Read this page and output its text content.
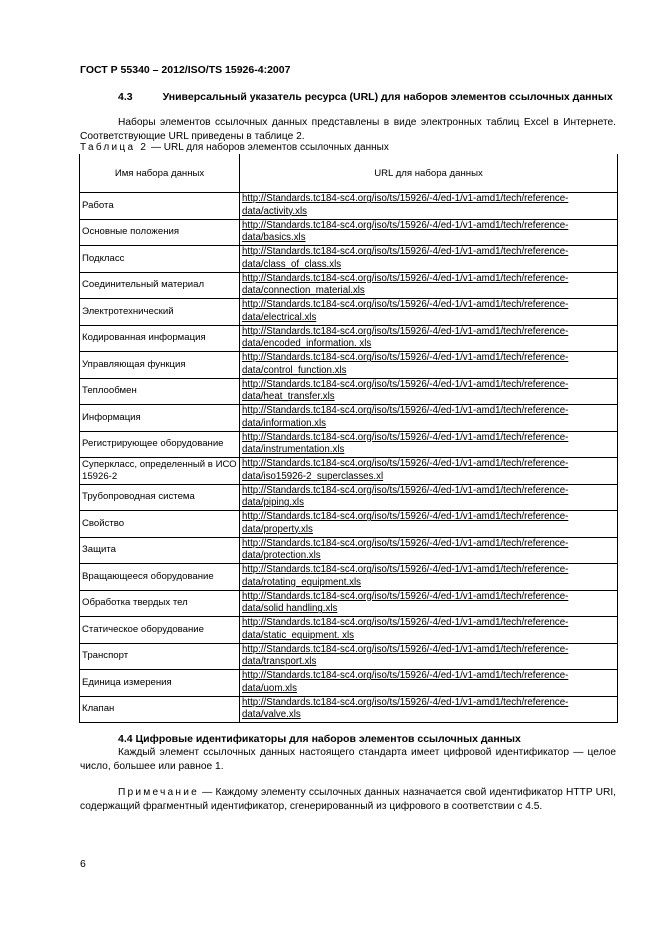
ГОСТ Р 55340 – 2012/ISO/TS 15926-4:2007
4.3	Универсальный указатель ресурса (URL) для наборов элементов ссылочных данных
Наборы элементов ссылочных данных представлены в виде электронных таблиц Excel в Интернете. Соответствующие URL приведены в таблице 2.
Таблица 2 — URL для наборов элементов ссылочных данных
Имя набора данных	URL для набора данных
Работа	http://Standards.tc184-sc4.org/iso/ts/15926/-4/ed-1/v1-amd1/tech/reference-
data/activity.xls

Основные положения	http://Standards.tc184-sc4.org/iso/ts/15926/-4/ed-1/v1-amd1/tech/reference-
data/basics.xls

Подкласс	http://Standards.tc184-sc4.org/iso/ts/15926/-4/ed-1/v1-amd1/tech/reference-
data/class_of_class.xls

Соединительный материал	http://Standards.tc184-sc4.org/iso/ts/15926/-4/ed-1/v1-amd1/tech/reference-
data/connection_material.xls

Электротехнический	http://Standards.tc184-sc4.org/iso/ts/15926/-4/ed-1/v1-amd1/tech/reference-
data/electrical.xls

Кодированная информация	http://Standards.tc184-sc4.org/iso/ts/15926/-4/ed-1/v1-amd1/tech/reference-
data/encoded_information. xls

Управляющая функция	http://Standards.tc184-sc4.org/iso/ts/15926/-4/ed-1/v1-amd1/tech/reference-
data/control_function.xls

Теплообмен	http://Standards.tc184-sc4.org/iso/ts/15926/-4/ed-1/v1-amd1/tech/reference-
data/heat_transfer.xls

Информация	http://Standards.tc184-sc4.org/iso/ts/15926/-4/ed-1/v1-amd1/tech/reference-
data/information.xls

Регистрирующее оборудование	http://Standards.tc184-sc4.org/iso/ts/15926/-4/ed-1/v1-amd1/tech/reference-
data/instrumentation.xls

Суперкласс, определенный в ИСО 15926-2	http://Standards.tc184-sc4.org/iso/ts/15926/-4/ed-1/v1-amd1/tech/reference-
data/iso15926-2_superclasses.xl

Трубопроводная система	http://Standards.tc184-sc4.org/iso/ts/15926/-4/ed-1/v1-amd1/tech/reference-
data/piping.xls

Свойство	http://Standards.tc184-sc4.org/iso/ts/15926/-4/ed-1/v1-amd1/tech/reference-
data/property.xls

Защита	http://Standards.tc184-sc4.org/iso/ts/15926/-4/ed-1/v1-amd1/tech/reference-
data/protection.xls

Вращающееся оборудование	http://Standards.tc184-sc4.org/iso/ts/15926/-4/ed-1/v1-amd1/tech/reference-
data/rotating_equipment.xls

Обработка твердых тел	http://Standards.tc184-sc4.org/iso/ts/15926/-4/ed-1/v1-amd1/tech/reference-
data/solid handling.xls

Статическое оборудование	http://Standards.tc184-sc4.org/iso/ts/15926/-4/ed-1/v1-amd1/tech/reference-
data/static_equipment. xls

Транспорт	http://Standards.tc184-sc4.org/iso/ts/15926/-4/ed-1/v1-amd1/tech/reference-
data/transport.xls

Единица измерения	http://Standards.tc184-sc4.org/iso/ts/15926/-4/ed-1/v1-amd1/tech/reference-
data/uom.xls

Клапан	http://Standards.tc184-sc4.org/iso/ts/15926/-4/ed-1/v1-amd1/tech/reference-
data/valve.xls
4.4 Цифровые идентификаторы для наборов элементов ссылочных данных
Каждый элемент ссылочных данных настоящего стандарта имеет цифровой идентификатор — целое число, большее или равное 1.
Примечание — Каждому элементу ссылочных данных назначается свой идентификатор HTTP URI, содержащий фрагментный идентификатор, сгенерированный из цифрового в соответствии с 4.5.
6
